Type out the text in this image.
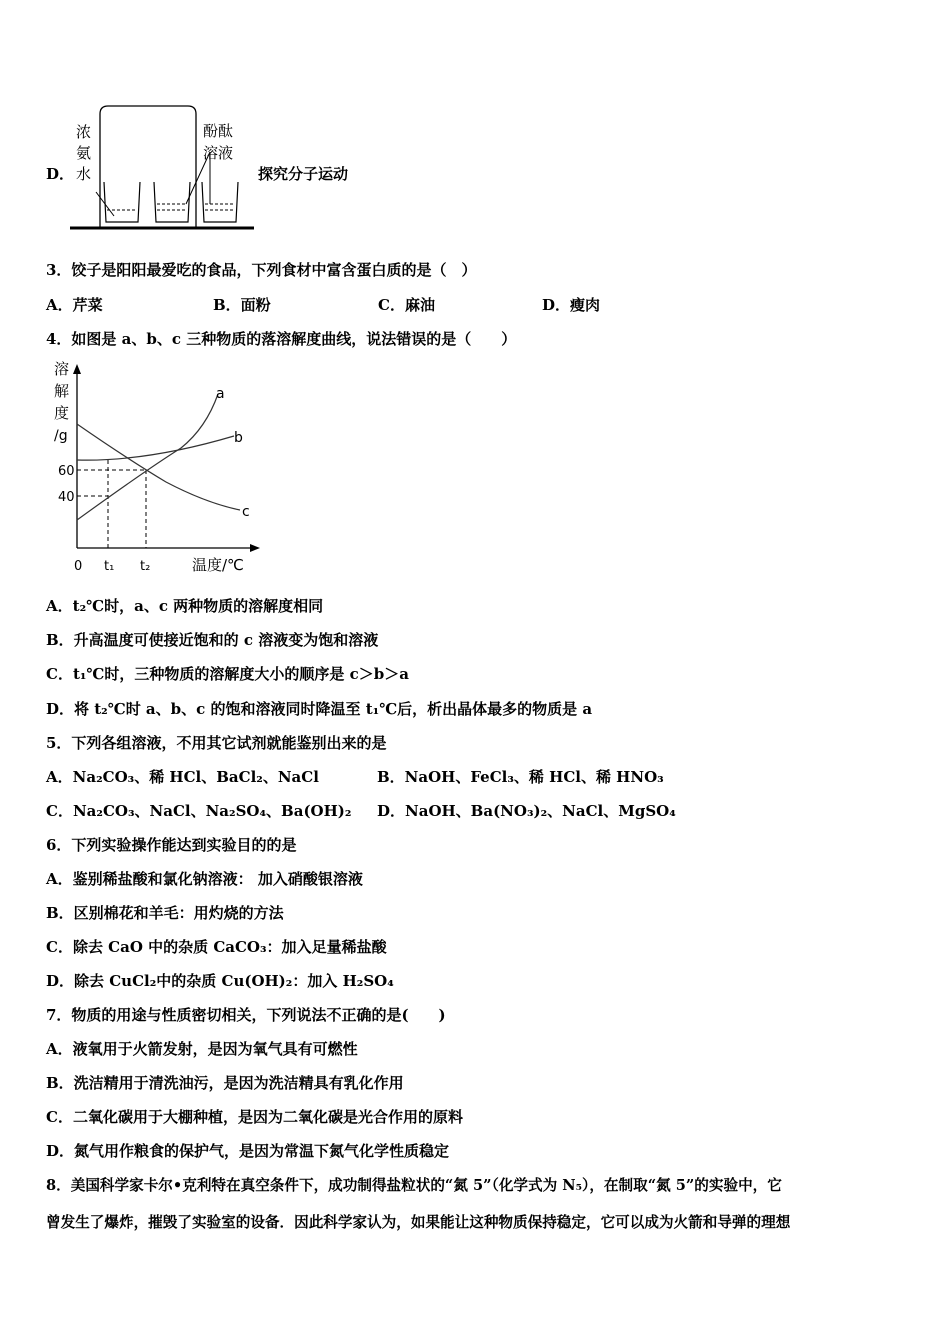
D．
浓
氨
水
酚酞
溶液
探究分子运动
3．饺子是阳阳最爱吃的食品，下列食材中富含蛋白质的是（　）
A．芹菜	B．面粉	C．麻油	D．瘦肉
4．如图是 a、b、c 三种物质的落溶解度曲线，说法错误的是（　　）
溶
解
度
/g
a
b
c
60
40
0 t₁ t₂	温度/℃
A．t₂℃时，a、c 两种物质的溶解度相同
B．升高温度可使接近饱和的 c 溶液变为饱和溶液
C．t₁℃时，三种物质的溶解度大小的顺序是 c＞b＞a
D．将 t₂℃时 a、b、c 的饱和溶液同时降温至 t₁℃后，析出晶体最多的物质是 a
5．下列各组溶液，不用其它试剂就能鉴别出来的是
A．Na₂CO₃、稀 HCl、BaCl₂、NaCl	B．NaOH、FeCl₃、稀 HCl、稀 HNO₃
C．Na₂CO₃、NaCl、Na₂SO₄、Ba(OH)₂ D．NaOH、Ba(NO₃)₂、NaCl、MgSO₄
6．下列实验操作能达到实验目的的是
A．鉴别稀盐酸和氯化钠溶液： 加入硝酸银溶液
B．区别棉花和羊毛：用灼烧的方法
C．除去 CaO 中的杂质 CaCO₃：加入足量稀盐酸
D．除去 CuCl₂中的杂质 Cu(OH)₂：加入 H₂SO₄
7．物质的用途与性质密切相关，下列说法不正确的是(　　)
A．液氧用于火箭发射，是因为氧气具有可燃性
B．洗洁精用于清洗油污，是因为洗洁精具有乳化作用
C．二氧化碳用于大棚种植，是因为二氧化碳是光合作用的原料
D．氮气用作粮食的保护气，是因为常温下氮气化学性质稳定
8．美国科学家卡尔•克利特在真空条件下，成功制得盐粒状的“氮 5”（化学式为 N₅），在制取“氮 5”的实验中，它
曾发生了爆炸，摧毁了实验室的设备．因此科学家认为，如果能让这种物质保持稳定，它可以成为火箭和导弹的理想
